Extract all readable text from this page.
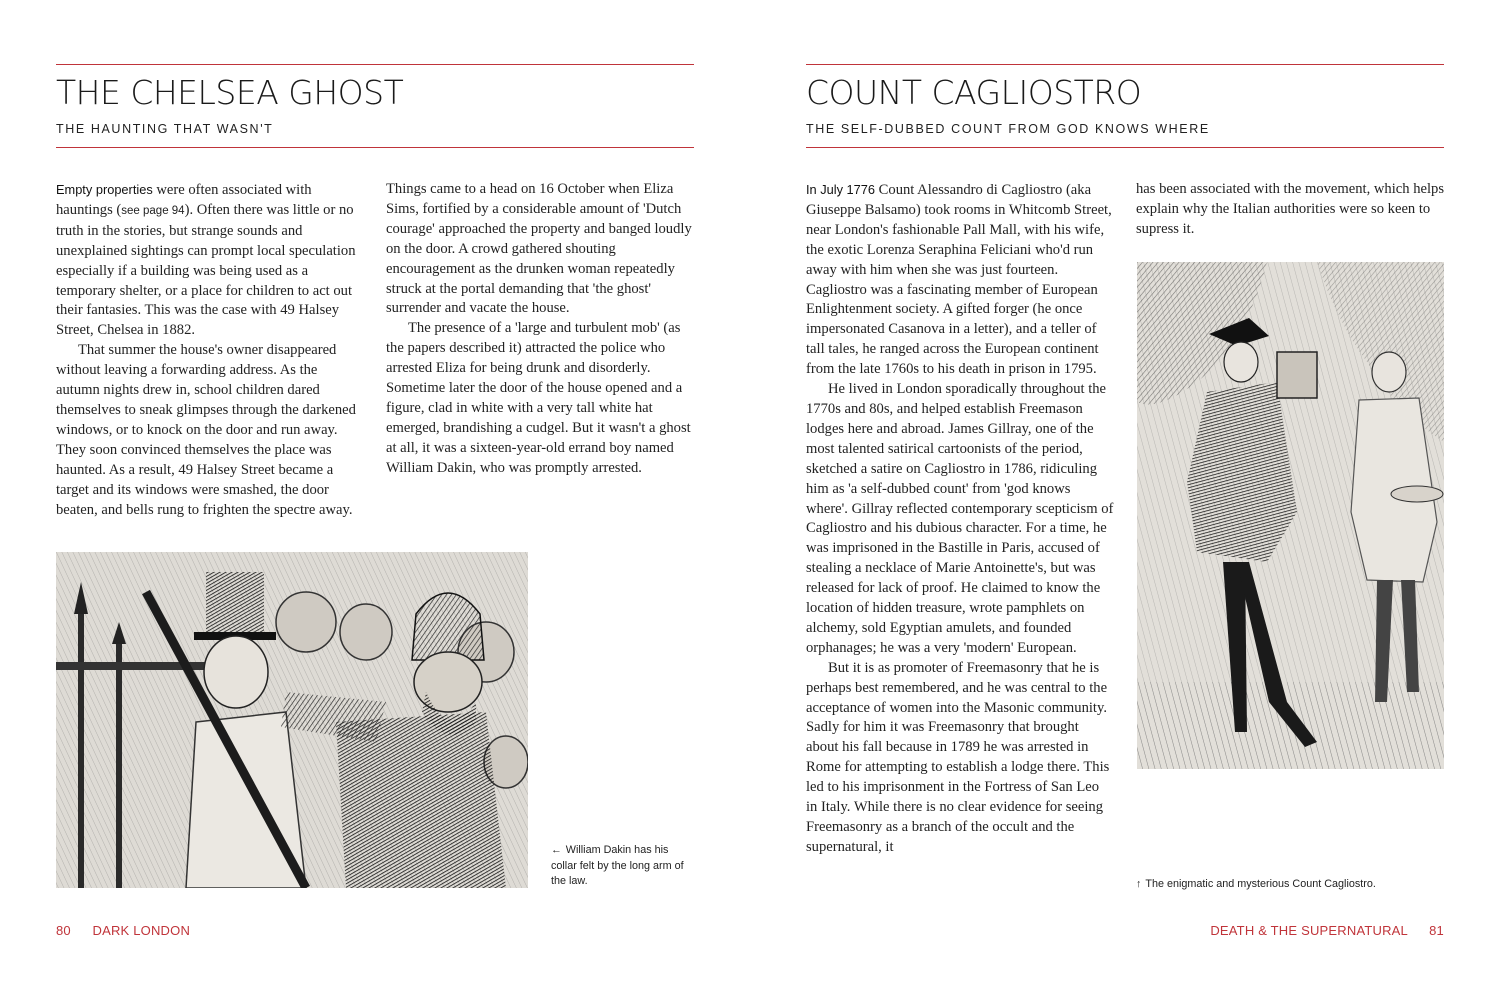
THE CHELSEA GHOST
THE HAUNTING THAT WASN'T

Empty properties were often associated with hauntings (see page 94). Often there was little or no truth in the stories, but strange sounds and unexplained sightings can prompt local speculation especially if a building was being used as a temporary shelter, or a place for children to act out their fantasies. This was the case with 49 Halsey Street, Chelsea in 1882.

That summer the house's owner disappeared without leaving a forwarding address. As the autumn nights drew in, school children dared themselves to sneak glimpses through the darkened windows, or to knock on the door and run away. They soon convinced themselves the place was haunted. As a result, 49 Halsey Street became a target and its windows were smashed, the door beaten, and bells rung to frighten the spectre away.

Things came to a head on 16 October when Eliza Sims, fortified by a considerable amount of 'Dutch courage' approached the property and banged loudly on the door. A crowd gathered shouting encouragement as the drunken woman repeatedly struck at the portal demanding that 'the ghost' surrender and vacate the house.

The presence of a 'large and turbulent mob' (as the papers described it) attracted the police who arrested Eliza for being drunk and disorderly. Sometime later the door of the house opened and a figure, clad in white with a very tall white hat emerged, brandishing a cudgel. But it wasn't a ghost at all, it was a sixteen-year-old errand boy named William Dakin, who was promptly arrested.

← William Dakin has his collar felt by the long arm of the law.
80 DARK LONDON
COUNT CAGLIOSTRO
THE SELF-DUBBED COUNT FROM GOD KNOWS WHERE

In July 1776 Count Alessandro di Cagliostro (aka Giuseppe Balsamo) took rooms in Whitcomb Street, near London's fashionable Pall Mall, with his wife, the exotic Lorenza Seraphina Feliciani who'd run away with him when she was just fourteen. Cagliostro was a fascinating member of European Enlightenment society. A gifted forger (he once impersonated Casanova in a letter), and a teller of tall tales, he ranged across the European continent from the late 1760s to his death in prison in 1795.

He lived in London sporadically throughout the 1770s and 80s, and helped establish Freemason lodges here and abroad. James Gillray, one of the most talented satirical cartoonists of the period, sketched a satire on Cagliostro in 1786, ridiculing him as 'a self-dubbed count' from 'god knows where'. Gillray reflected contemporary scepticism of Cagliostro and his dubious character. For a time, he was imprisoned in the Bastille in Paris, accused of stealing a necklace of Marie Antoinette's, but was released for lack of proof. He claimed to know the location of hidden treasure, wrote pamphlets on alchemy, sold Egyptian amulets, and founded orphanages; he was a very 'modern' European.

But it is as promoter of Freemasonry that he is perhaps best remembered, and he was central to the acceptance of women into the Masonic community. Sadly for him it was Freemasonry that brought about his fall because in 1789 he was arrested in Rome for attempting to establish a lodge there. This led to his imprisonment in the Fortress of San Leo in Italy. While there is no clear evidence for seeing Freemasonry as a branch of the occult and the supernatural, it

has been associated with the movement, which helps explain why the Italian authorities were so keen to supress it.

↑ The enigmatic and mysterious Count Cagliostro.
DEATH & THE SUPERNATURAL 81
